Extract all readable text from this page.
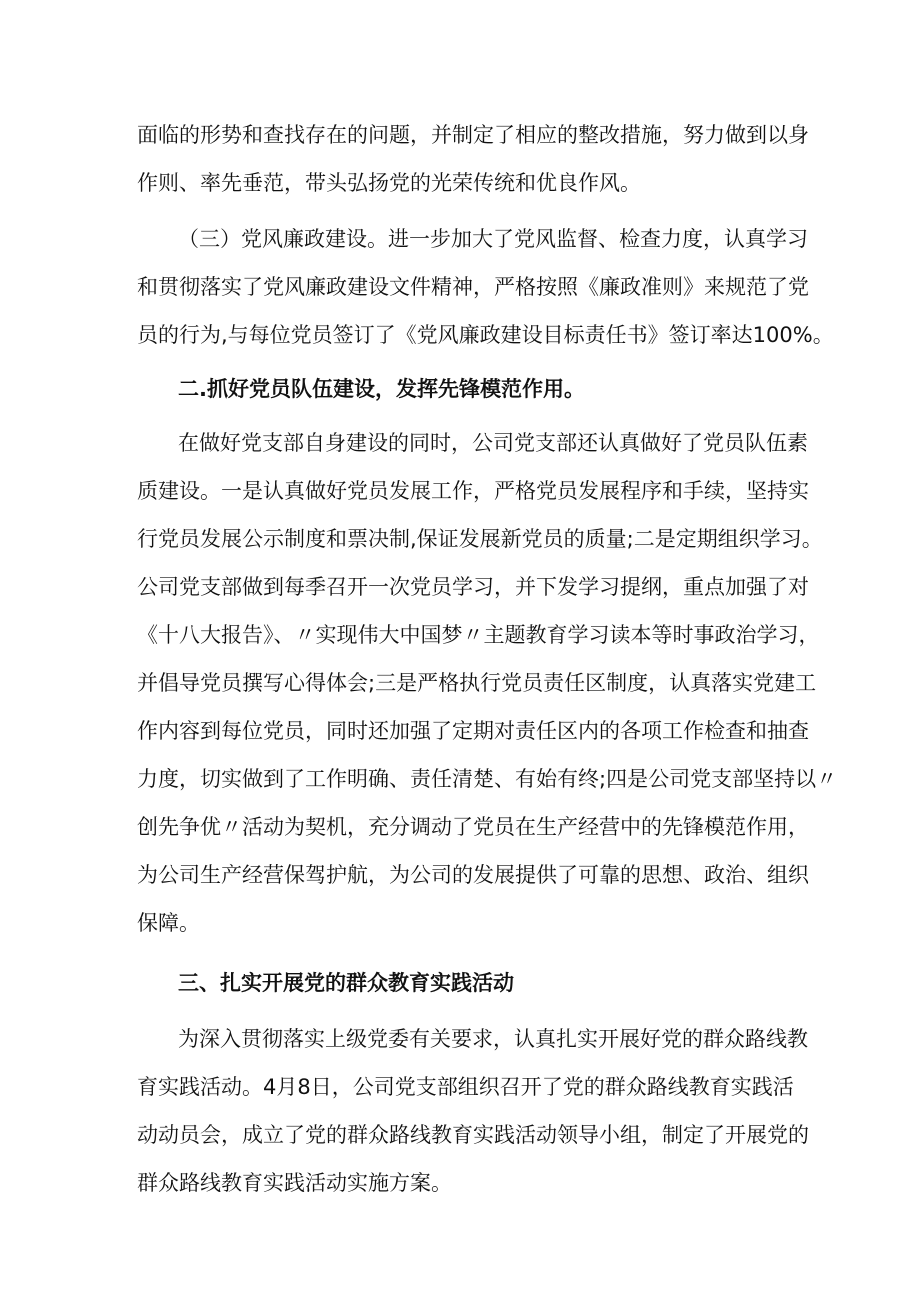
面临的形势和查找存在的问题，并制定了相应的整改措施，努力做到以身
作则、率先垂范，带头弘扬党的光荣传统和优良作风。
（三）党风廉政建设。进一步加大了党风监督、检查力度，认真学习
和贯彻落实了党风廉政建设文件精神，严格按照《廉政准则》来规范了党
员的行为,与每位党员签订了《党风廉政建设目标责任书》签订率达100%。
二.抓好党员队伍建设，发挥先锋模范作用。
在做好党支部自身建设的同时，公司党支部还认真做好了党员队伍素
质建设。一是认真做好党员发展工作，严格党员发展程序和手续，坚持实
行党员发展公示制度和票决制,保证发展新党员的质量;二是定期组织学习。
公司党支部做到每季召开一次党员学习，并下发学习提纲，重点加强了对
《十八大报告》、〃实现伟大中国梦〃主题教育学习读本等时事政治学习，
并倡导党员撰写心得体会;三是严格执行党员责任区制度，认真落实党建工
作内容到每位党员，同时还加强了定期对责任区内的各项工作检查和抽查
力度，切实做到了工作明确、责任清楚、有始有终;四是公司党支部坚持以〃
创先争优〃活动为契机，充分调动了党员在生产经营中的先锋模范作用，
为公司生产经营保驾护航，为公司的发展提供了可靠的思想、政治、组织
保障。
三、扎实开展党的群众教育实践活动
为深入贯彻落实上级党委有关要求，认真扎实开展好党的群众路线教
育实践活动。4月8日，公司党支部组织召开了党的群众路线教育实践活
动动员会，成立了党的群众路线教育实践活动领导小组，制定了开展党的
群众路线教育实践活动实施方案。
